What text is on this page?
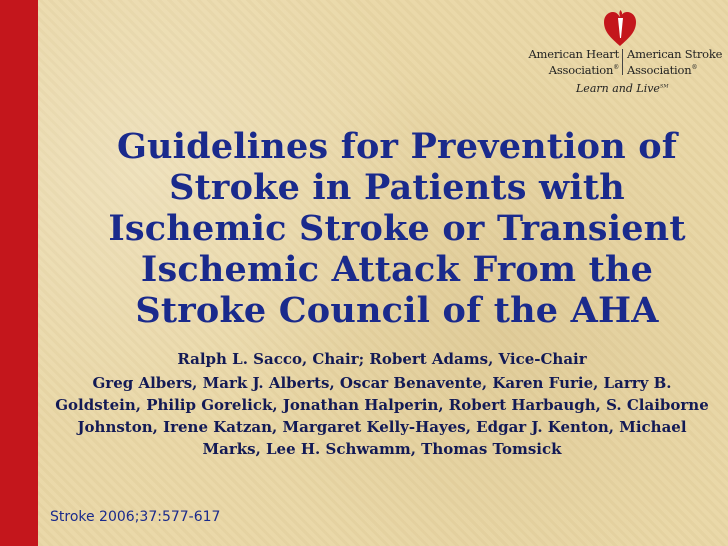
American Heart
Association®
American Stroke
Association®
Learn and Live℠
Guidelines for Prevention of Stroke in Patients with Ischemic Stroke or Transient Ischemic Attack From the Stroke Council of the AHA
Ralph L. Sacco, Chair; Robert Adams, Vice-Chair
Greg Albers, Mark J. Alberts, Oscar Benavente, Karen Furie, Larry B. Goldstein, Philip Gorelick, Jonathan Halperin, Robert Harbaugh, S. Claiborne Johnston, Irene Katzan, Margaret Kelly-Hayes, Edgar J. Kenton, Michael Marks, Lee H. Schwamm, Thomas Tomsick

Stroke 2006;37:577-617
